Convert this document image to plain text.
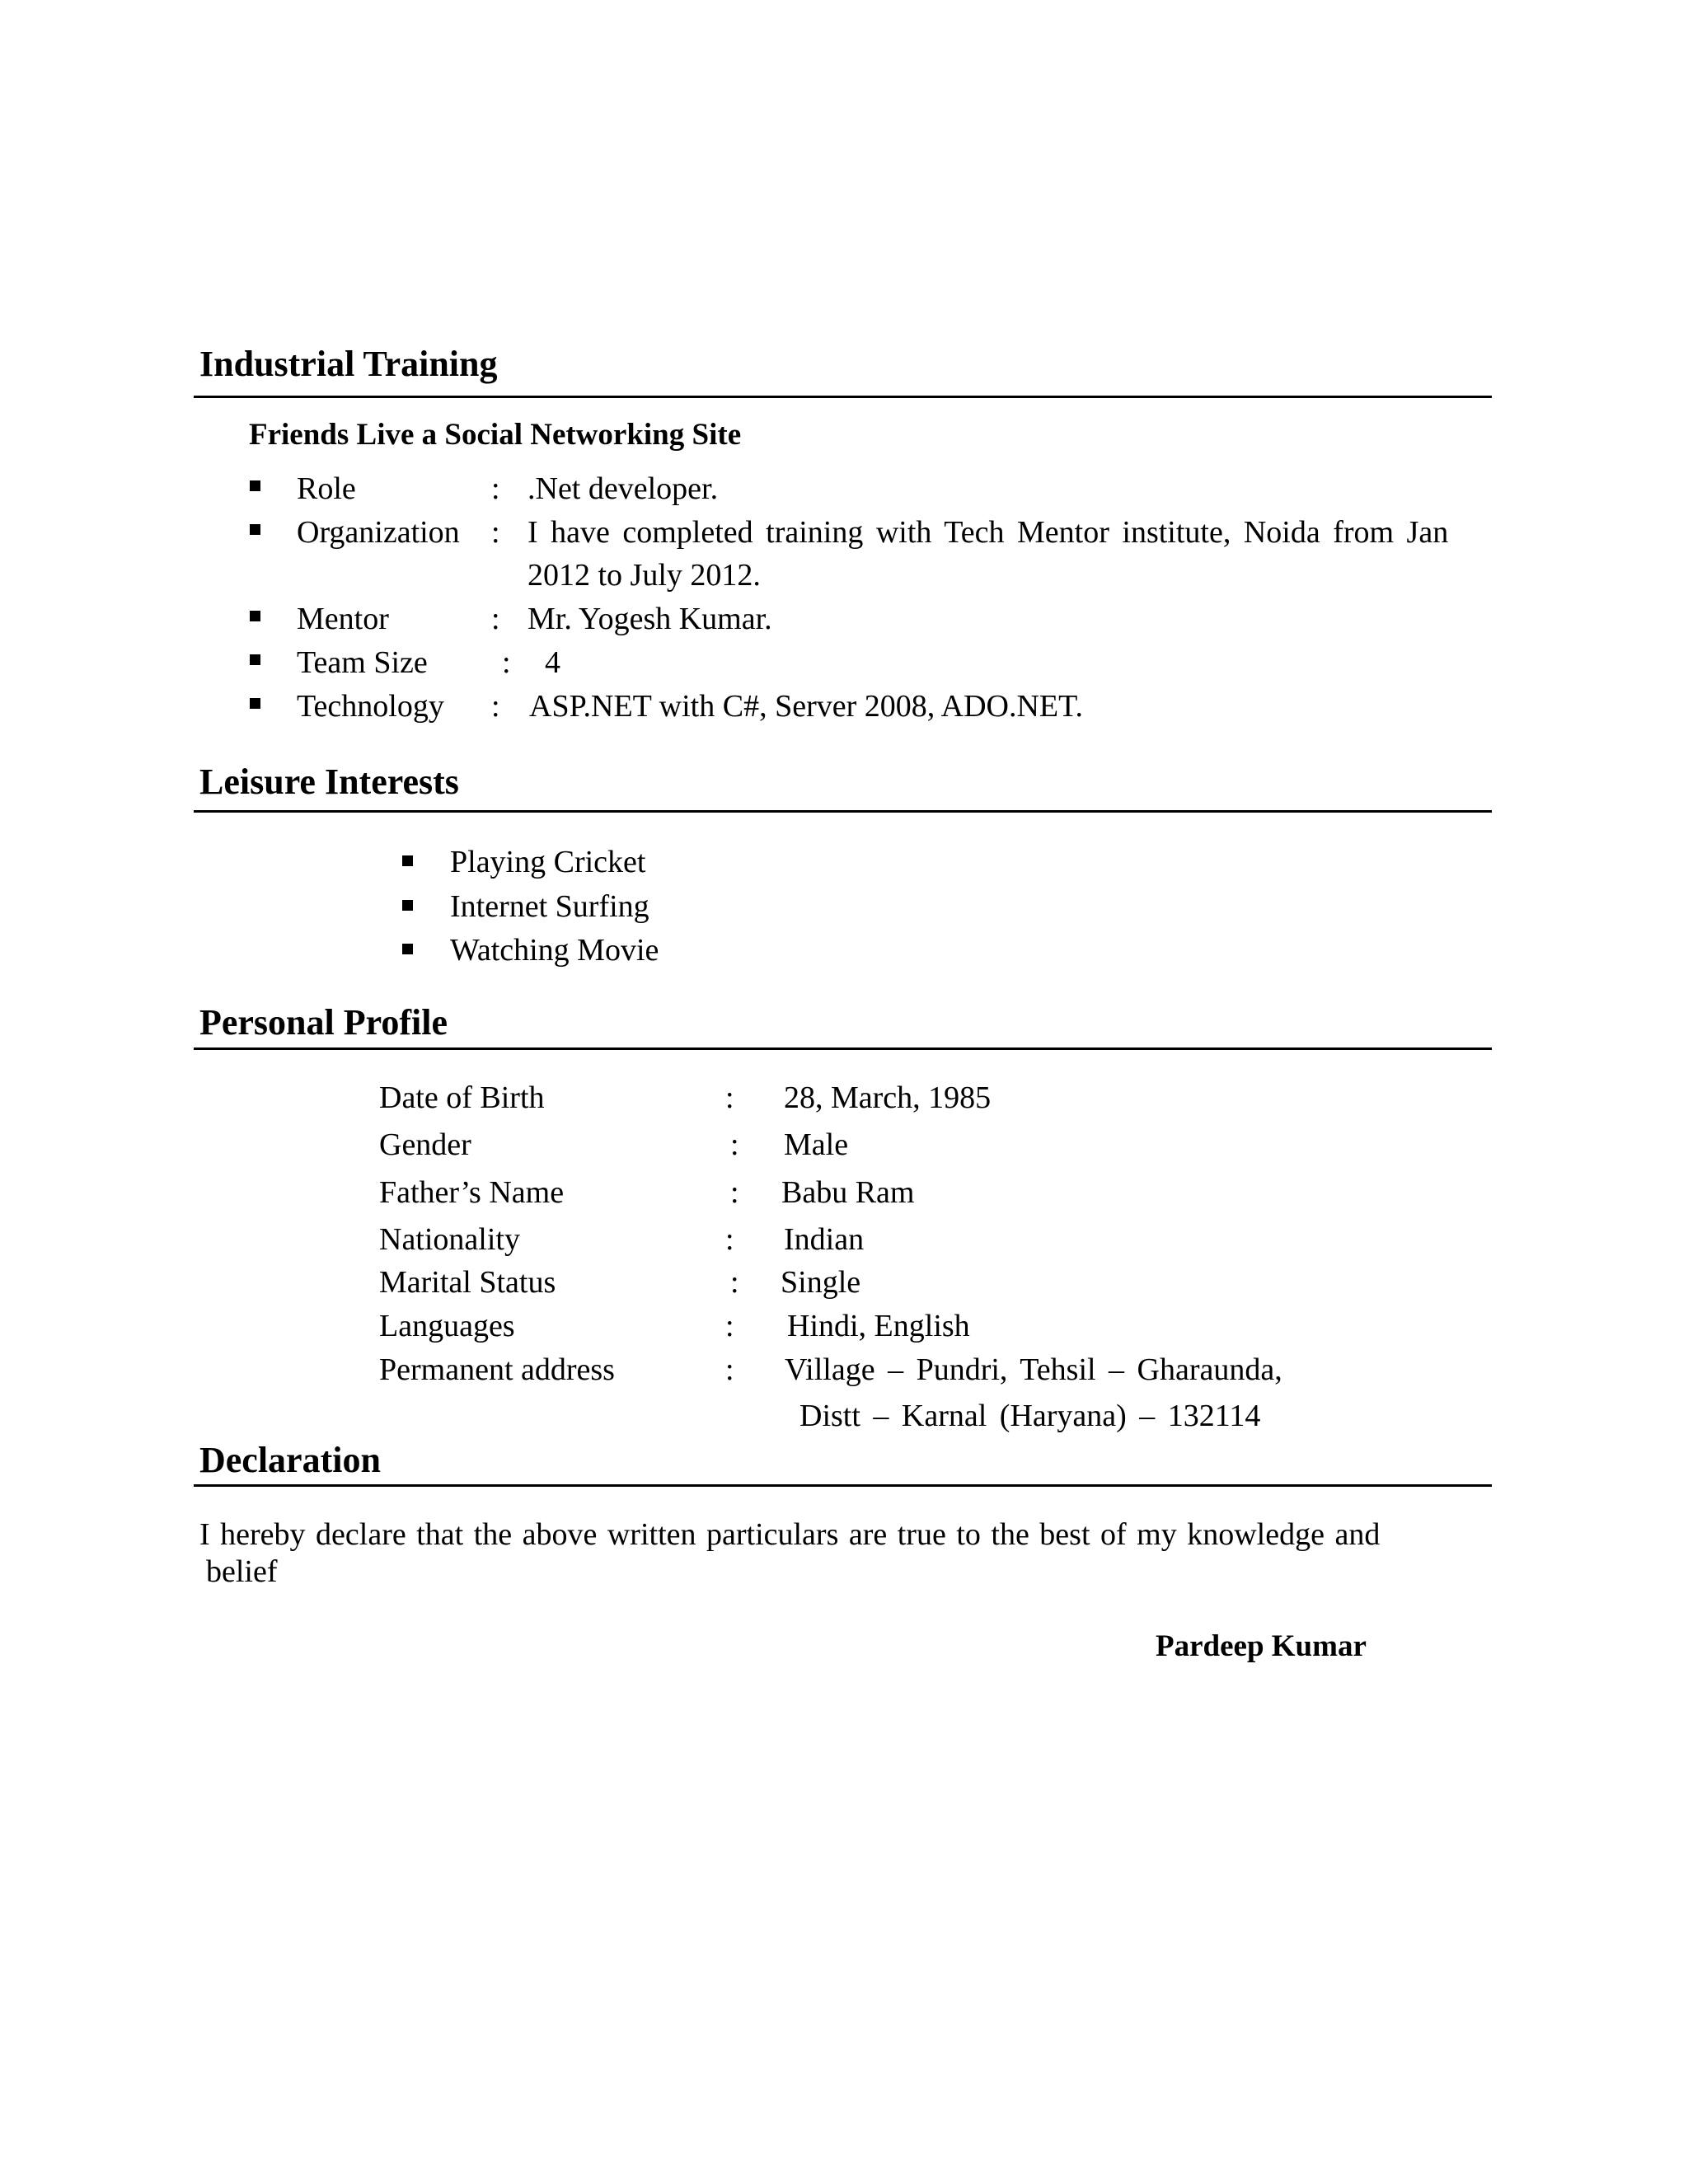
Industrial Training
Friends Live a Social Networking Site
Role	: .Net developer.
Organization : I have completed training with Tech Mentor institute, Noida from Jan
2012 to July 2012.
Mentor	: Mr. Yogesh Kumar.
Team Size : 4
Technology : ASP.NET with C#, Server 2008, ADO.NET.
Leisure Interests
Playing Cricket
Internet Surfing
Watching Movie
Personal Profile
Date of Birth	: 28, March, 1985
Gender	: Male
Father’s Name	: Babu Ram
Nationality	: Indian
Marital Status	: Single
Languages	: Hindi, English
Permanent address	: Village – Pundri, Tehsil – Gharaunda,
Distt – Karnal (Haryana) – 132114
Declaration
I hereby declare that the above written particulars are true to the best of my knowledge and
belief
Pardeep Kumar
